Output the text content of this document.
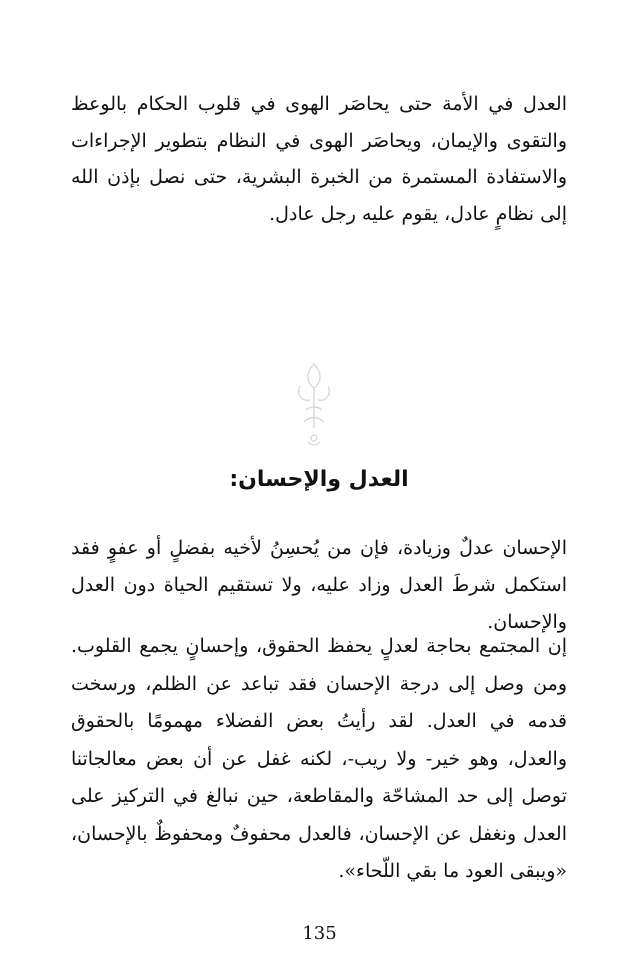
العدل في الأمة حتى يحاصَر الهوى في قلوب الحكام بالوعظ والتقوى والإيمان، ويحاصَر الهوى في النظام بتطوير الإجراءات والاستفادة المستمرة من الخبرة البشرية، حتى نصل بإذن الله إلى نظامٍ عادل، يقوم عليه رجل عادل.

العدل والإحسان:

الإحسان عدلٌ وزيادة، فإن من يُحسِنُ لأخيه بفضلٍ أو عفوٍ فقد استكمل شرطَ العدل وزاد عليه، ولا تستقيم الحياة دون العدل والإحسان.

إن المجتمع بحاجة لعدلٍ يحفظ الحقوق، وإحسانٍ يجمع القلوب. ومن وصل إلى درجة الإحسان فقد تباعد عن الظلم، ورسخت قدمه في العدل. لقد رأيتُ بعض الفضلاء مهمومًا بالحقوق والعدل، وهو خير- ولا ريب-، لكنه غفل عن أن بعض معالجاتنا توصل إلى حد المشاحّة والمقاطعة، حين نبالغ في التركيز على العدل ونغفل عن الإحسان، فالعدل محفوفٌ ومحفوظٌ بالإحسان، «ويبقى العود ما بقي اللّحاء».

135
